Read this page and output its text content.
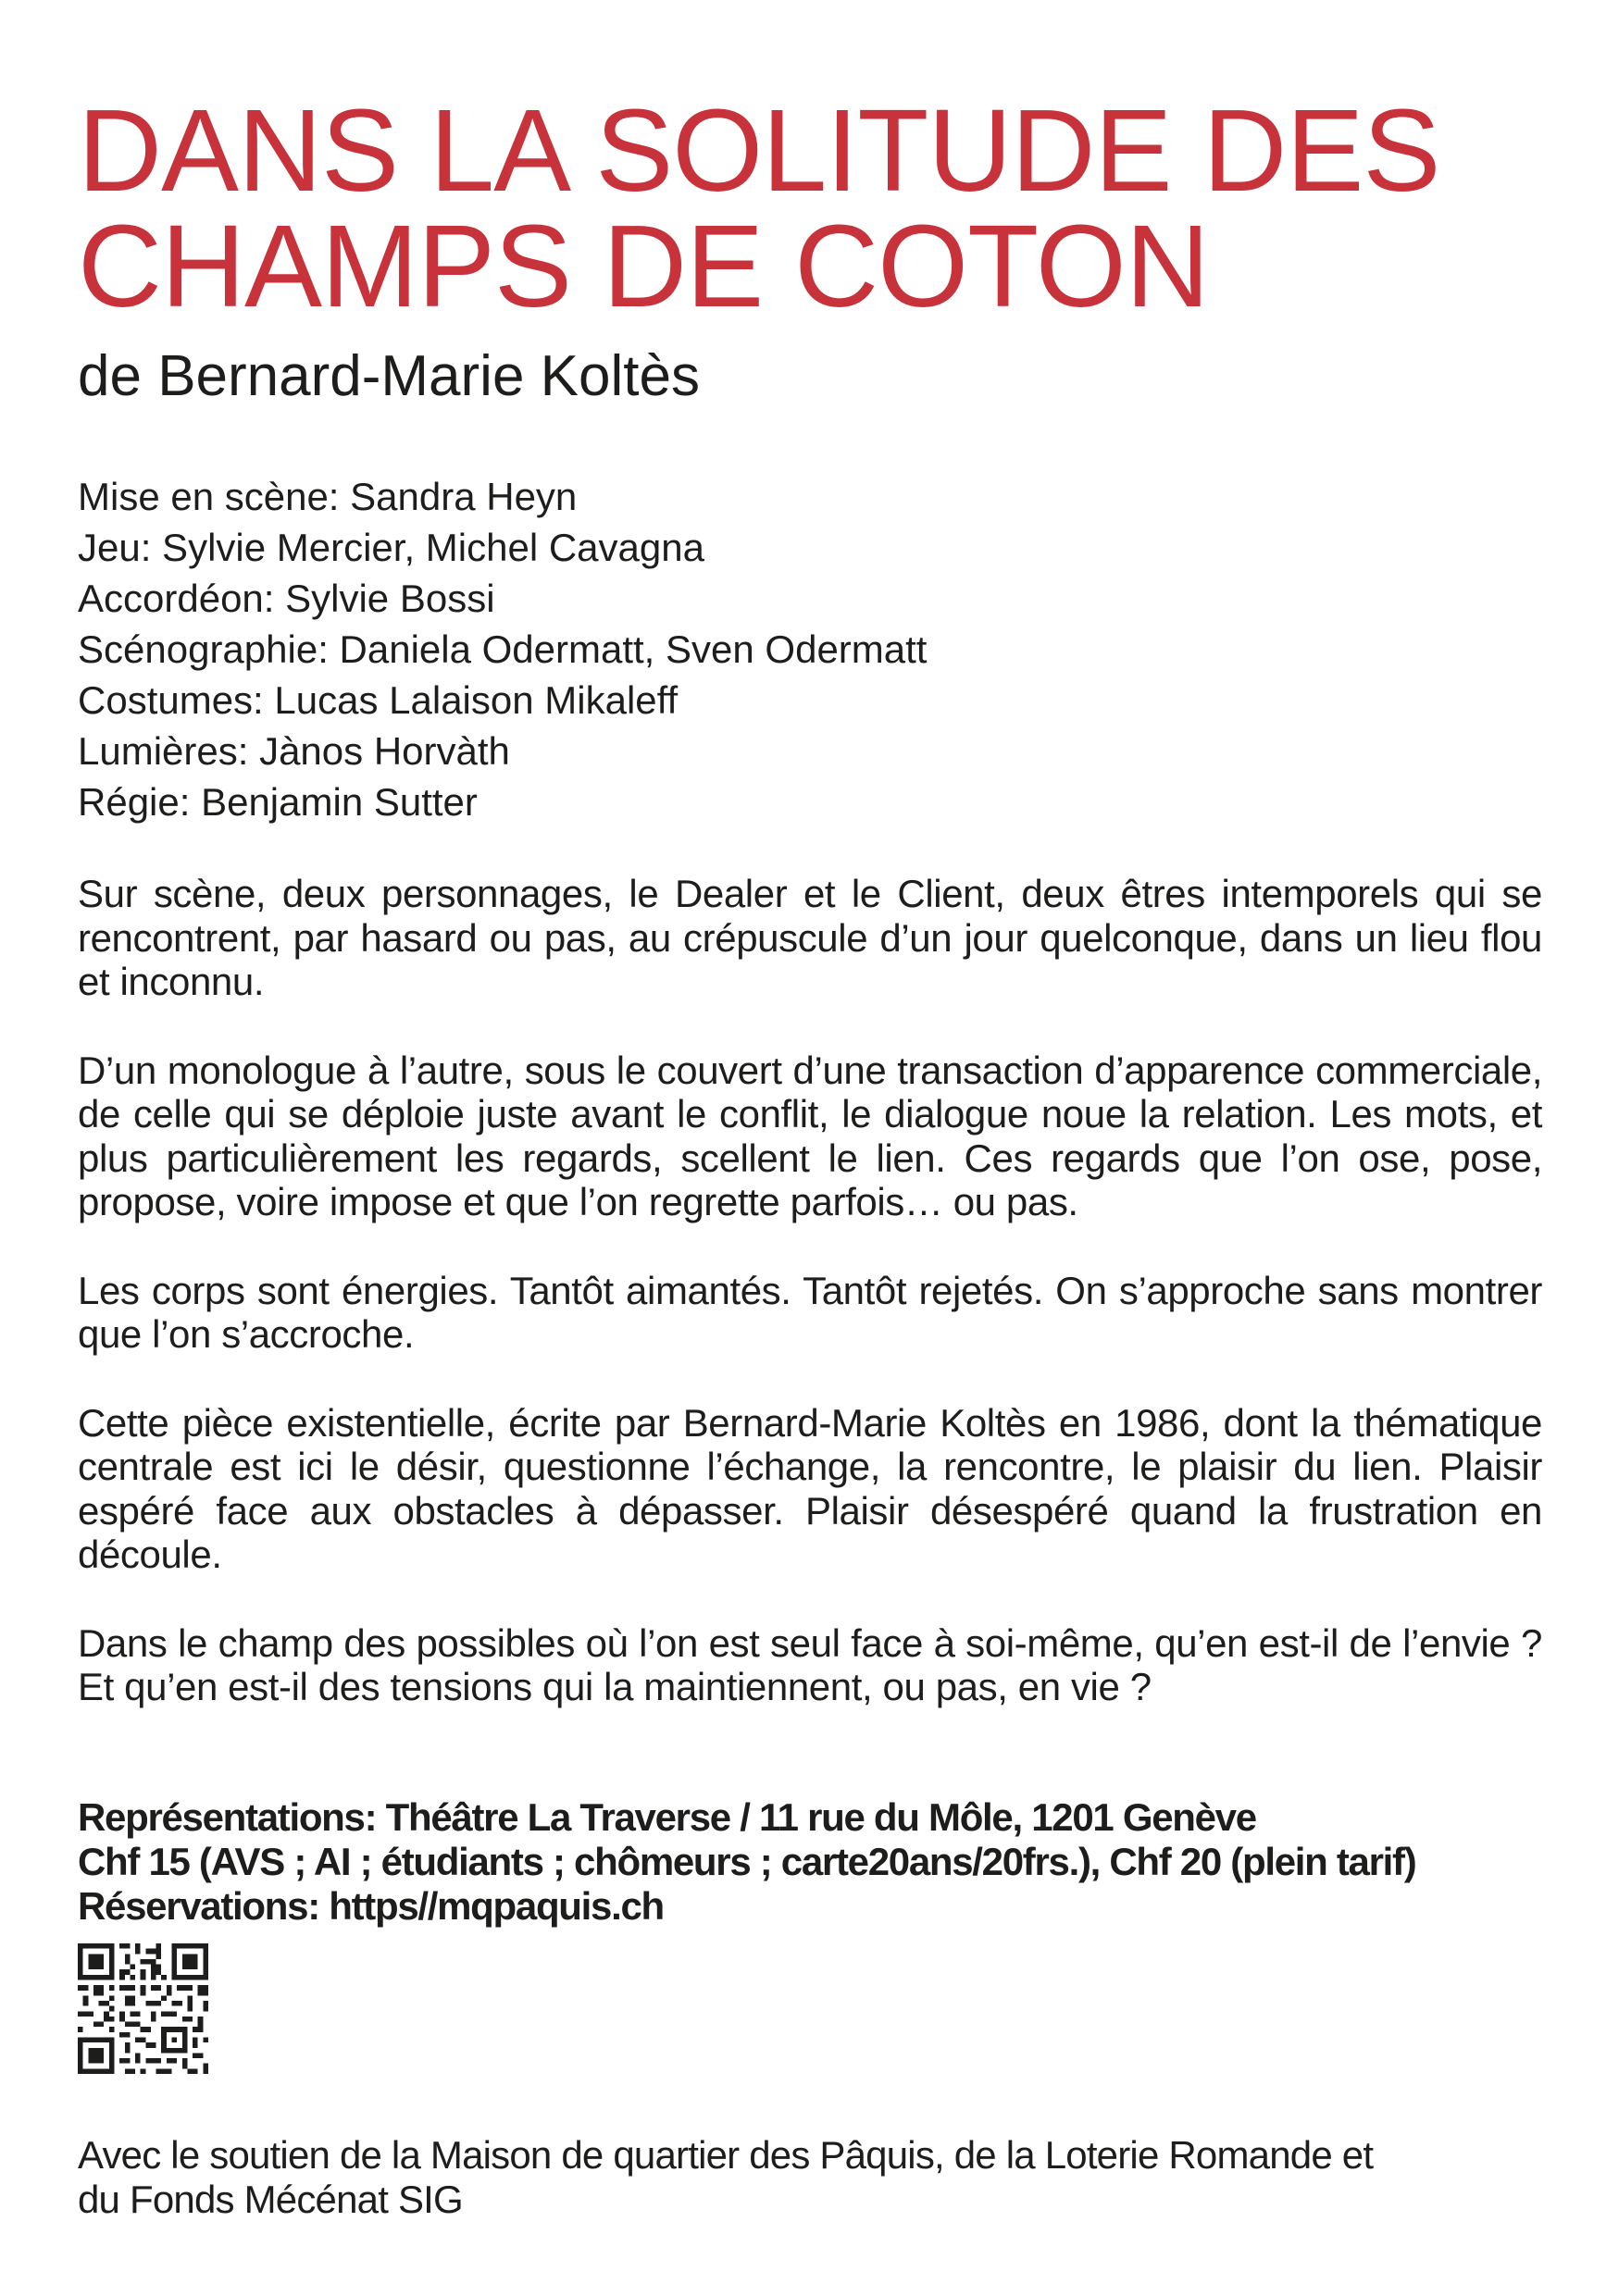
DANS LA SOLITUDE DES
CHAMPS DE COTON
de Bernard-Marie Koltès
Mise en scène: Sandra Heyn
Jeu: Sylvie Mercier, Michel Cavagna
Accordéon: Sylvie Bossi
Scénographie: Daniela Odermatt, Sven Odermatt
Costumes: Lucas Lalaison Mikaleff
Lumières: Jànos Horvàth
Régie: Benjamin Sutter

Sur scène, deux personnages, le Dealer et le Client, deux êtres intemporels qui se rencontrent, par hasard ou pas, au crépuscule d’un jour quelconque, dans un lieu flou et inconnu.

D’un monologue à l’autre, sous le couvert d’une transaction d’apparence commerciale, de celle qui se déploie juste avant le conflit, le dialogue noue la relation. Les mots, et plus particulièrement les regards, scellent le lien. Ces regards que l’on ose, pose, propose, voire impose et que l’on regrette parfois… ou pas.

Les corps sont énergies. Tantôt aimantés. Tantôt rejetés. On s’approche sans montrer que l’on s’accroche.

Cette pièce existentielle, écrite par Bernard-Marie Koltès en 1986, dont la thématique centrale est ici le désir, questionne l’échange, la rencontre, le plaisir du lien. Plaisir espéré face aux obstacles à dépasser. Plaisir désespéré quand la frustration en découle.

Dans le champ des possibles où l’on est seul face à soi-même, qu’en est-il de l’envie ? Et qu’en est-il des tensions qui la maintiennent, ou pas, en vie ?

Représentations: Théâtre La Traverse / 11 rue du Môle, 1201 Genève
Chf 15 (AVS ; AI ; étudiants ; chômeurs ; carte20ans/20frs.), Chf 20 (plein tarif)
Réservations: https//mqpaquis.ch
Avec le soutien de la Maison de quartier des Pâquis, de la Loterie Romande et
du Fonds Mécénat SIG
